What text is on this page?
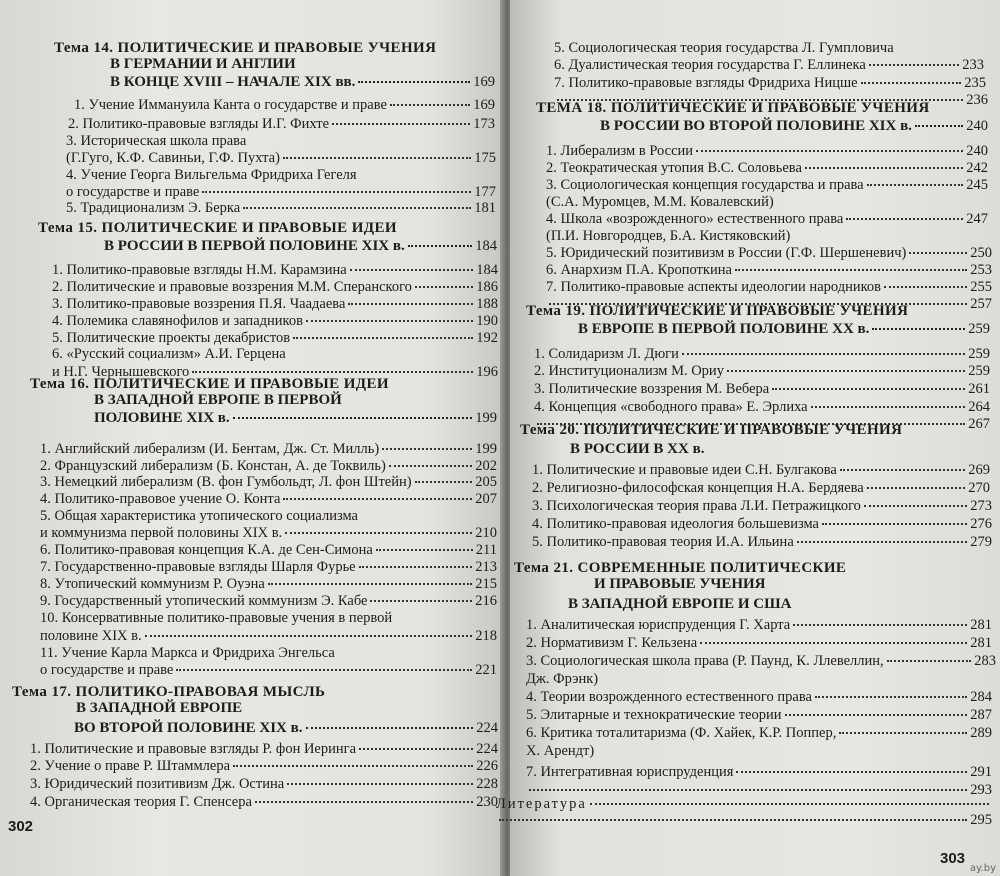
Тема 14. ПОЛИТИЧЕСКИЕ И ПРАВОВЫЕ УЧЕНИЯ
В ГЕРМАНИИ И АНГЛИИ
В КОНЦЕ XVIII – НАЧАЛЕ XIX вв.	169
1. Учение Иммануила Канта о государстве и праве	169
2. Политико-правовые взгляды И.Г. Фихте	173
3. Историческая школа права
(Г.Гуго, К.Ф. Савиньи, Г.Ф. Пухта)	175
4. Учение Георга Вильгельма Фридриха Гегеля
о государстве и праве	177
5. Традиционализм Э. Берка	181
Тема 15. ПОЛИТИЧЕСКИЕ И ПРАВОВЫЕ ИДЕИ
В РОССИИ В ПЕРВОЙ ПОЛОВИНЕ XIX в.	184
1. Политико-правовые взгляды Н.М. Карамзина	184
2. Политические и правовые воззрения М.М. Сперанского	186
3. Политико-правовые воззрения П.Я. Чаадаева	188
4. Полемика славянофилов и западников	190
5. Политические проекты декабристов	192
6. «Русский социализм» А.И. Герцена
и Н.Г. Чернышевского	196
Тема 16. ПОЛИТИЧЕСКИЕ И ПРАВОВЫЕ ИДЕИ
В ЗАПАДНОЙ ЕВРОПЕ В ПЕРВОЙ
ПОЛОВИНЕ XIX в.	199
1. Английский либерализм (И. Бентам, Дж. Ст. Милль)	199
2. Французский либерализм (Б. Констан, А. де Токвиль)	202
3. Немецкий либерализм (В. фон Гумбольдт, Л. фон Штейн)	205
4. Политико-правовое учение О. Конта	207
5. Общая характеристика утопического социализма
и коммунизма первой половины XIX в.	210
6. Политико-правовая концепция К.А. де Сен-Симона	211
7. Государственно-правовые взгляды Шарля Фурье	213
8. Утопический коммунизм Р. Оуэна	215
9. Государственный утопический коммунизм Э. Кабе	216
10. Консервативные политико-правовые учения в первой
половине XIX в.	218
11. Учение Карла Маркса и Фридриха Энгельса
о государстве и праве	221
Тема 17. ПОЛИТИКО-ПРАВОВАЯ МЫСЛЬ
В ЗАПАДНОЙ ЕВРОПЕ
ВО ВТОРОЙ ПОЛОВИНЕ XIX в.	224
1. Политические и правовые взгляды Р. фон Иеринга	224
2. Учение о праве Р. Штаммлера	226
3. Юридический позитивизм Дж. Остина	228
4. Органическая теория Г. Спенсера	230
302
5. Социологическая теория государства Л. Гумпловича
6. Дуалистическая теория государства Г. Еллинека	233
7. Политико-правовые взгляды Фридриха Ницше	235
236
ТЕМА 18. ПОЛИТИЧЕСКИЕ И ПРАВОВЫЕ УЧЕНИЯ
В РОССИИ ВО ВТОРОЙ ПОЛОВИНЕ XIX в.	240
1. Либерализм в России	240
2. Теократическая утопия В.С. Соловьева	242
3. Социологическая концепция государства и права	245
(С.А. Муромцев, М.М. Ковалевский)
4. Школа «возрожденного» естественного права	247
(П.И. Новгородцев, Б.А. Кистяковский)
5. Юридический позитивизм в России (Г.Ф. Шершеневич)	250
6. Анархизм П.А. Кропоткина	253
7. Политико-правовые аспекты идеологии народников	255
257
Тема 19. ПОЛИТИЧЕСКИЕ И ПРАВОВЫЕ УЧЕНИЯ
В ЕВРОПЕ В ПЕРВОЙ ПОЛОВИНЕ XX в.	259
1. Солидаризм Л. Дюги	259
2. Институционализм М. Ориу	259
3. Политические воззрения М. Вебера	261
4. Концепция «свободного права» Е. Эрлиха	264
267
Тема 20. ПОЛИТИЧЕСКИЕ И ПРАВОВЫЕ УЧЕНИЯ
В РОССИИ В XX в.
1. Политические и правовые идеи С.Н. Булгакова	269
2. Религиозно-философская концепция Н.А. Бердяева	270
3. Психологическая теория права Л.И. Петражицкого	273
4. Политико-правовая идеология большевизма	276
5. Политико-правовая теория И.А. Ильина	279
Тема 21. СОВРЕМЕННЫЕ ПОЛИТИЧЕСКИЕ
И ПРАВОВЫЕ УЧЕНИЯ
В ЗАПАДНОЙ ЕВРОПЕ И США
1. Аналитическая юриспруденция Г. Харта	281
2. Нормативизм Г. Кельзена	281
3. Социологическая школа права (Р. Паунд, К. Ллевеллин,	283
Дж. Фрэнк)
4. Теории возрожденного естественного права	284
5. Элитарные и технократические теории	287
6. Критика тоталитаризма (Ф. Хайек, К.Р. Поппер,	289
Х. Арендт)
7. Интегративная юриспруденция	291
293
Литература
295
303
ay.by
